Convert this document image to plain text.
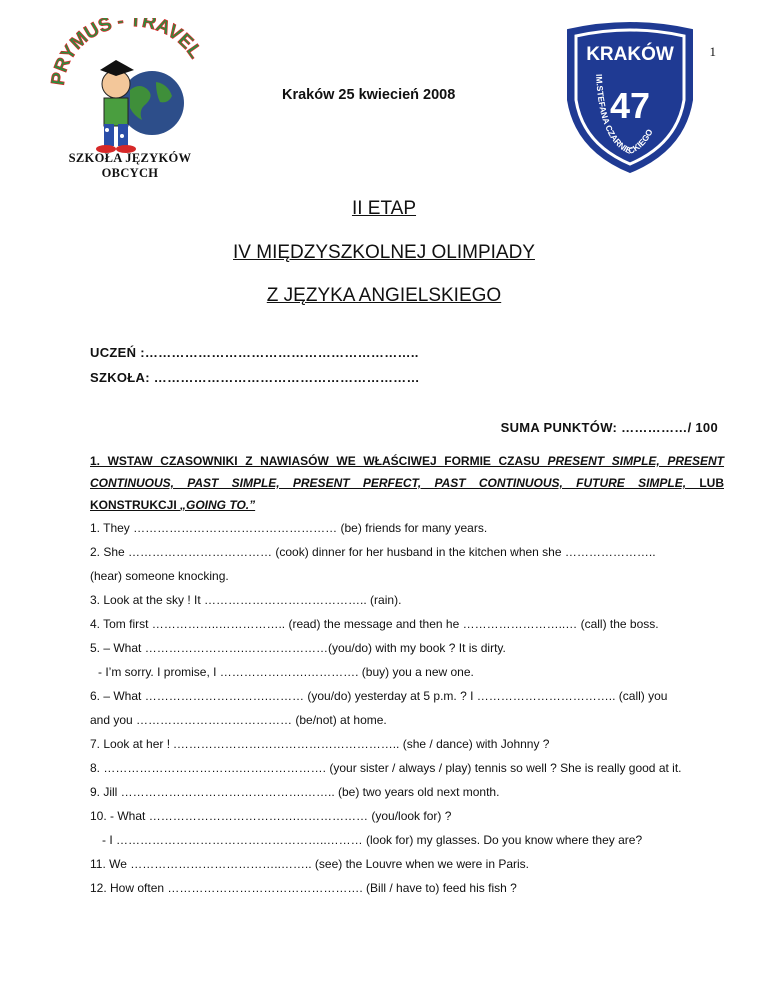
1
PRYMUS - TRAVEL
SZKOŁA JĘZYKÓW
OBCYCH
Kraków 25 kwiecień 2008
KRAKÓW
47
IM.STEFANA CZARNIECKIEGO
II ETAP
IV MIĘDZYSZKOLNEJ OLIMPIADY
Z JĘZYKA ANGIELSKIEGO
UCZEŃ :……………………………………………………..
SZKOŁA: ……………………………………………………
SUMA PUNKTÓW: ……………/ 100
1. WSTAW CZASOWNIKI Z NAWIASÓW WE WŁAŚCIWEJ FORMIE CZASU PRESENT SIMPLE, PRESENT CONTINUOUS, PAST SIMPLE, PRESENT PERFECT, PAST CONTINUOUS, FUTURE SIMPLE, LUB KONSTRUKCJI „GOING TO.”
1. They …………………………………………… (be) friends for many years.
2. She ……………………………… (cook) dinner for her husband in the kitchen when she …………………..
(hear) someone knocking.
3. Look at the sky ! It ………………………………….. (rain).
4. Tom first ……………..…………….. (read) the message and then he ……………………..… (call) the boss.
5. – What …………………….…………………(you/do) with my book ? It is dirty.
- I’m sorry. I promise, I ………………….…………. (buy) you a new one.
6. – What ………………………….……… (you/do) yesterday at 5 p.m. ? I …………………………….. (call) you
and you ………………………………… (be/not) at home.
7. Look at her ! .……………………………………………….. (she / dance) with Johnny ?
8. …………………………….…………………. (your sister / always / play) tennis so well ? She is really good at it.
9. Jill ……………………………………….…….. (be) two years old next month.
10. - What ……………………………….……………… (you/look for) ?
- I ……………………………………………..……… (look for) my glasses. Do you know where they are?
11. We ………………………………..…….. (see) the Louvre when we were in Paris.
12. How often …………………………………………. (Bill / have to) feed his fish ?
